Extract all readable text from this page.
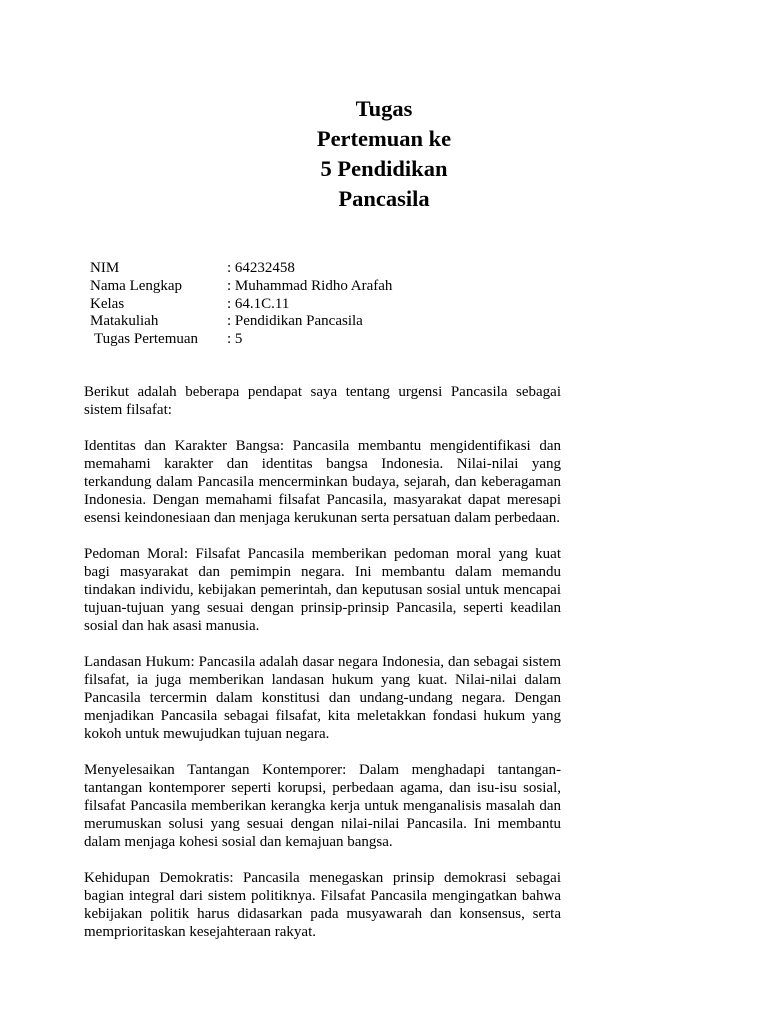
Tugas
Pertemuan ke
5 Pendidikan
Pancasila
NIM	: 64232458
Nama Lengkap	: Muhammad Ridho Arafah
Kelas	: 64.1C.11
Matakuliah	: Pendidikan Pancasila
Tugas Pertemuan	: 5

Berikut adalah beberapa pendapat saya tentang urgensi Pancasila sebagai sistem filsafat:

Identitas dan Karakter Bangsa: Pancasila membantu mengidentifikasi dan memahami karakter dan identitas bangsa Indonesia. Nilai-nilai yang terkandung dalam Pancasila mencerminkan budaya, sejarah, dan keberagaman Indonesia. Dengan memahami filsafat Pancasila, masyarakat dapat meresapi esensi keindonesiaan dan menjaga kerukunan serta persatuan dalam perbedaan.

Pedoman Moral: Filsafat Pancasila memberikan pedoman moral yang kuat bagi masyarakat dan pemimpin negara. Ini membantu dalam memandu tindakan individu, kebijakan pemerintah, dan keputusan sosial untuk mencapai tujuan-tujuan yang sesuai dengan prinsip-prinsip Pancasila, seperti keadilan sosial dan hak asasi manusia.

Landasan Hukum: Pancasila adalah dasar negara Indonesia, dan sebagai sistem filsafat, ia juga memberikan landasan hukum yang kuat. Nilai-nilai dalam Pancasila tercermin dalam konstitusi dan undang-undang negara. Dengan menjadikan Pancasila sebagai filsafat, kita meletakkan fondasi hukum yang kokoh untuk mewujudkan tujuan negara.

Menyelesaikan Tantangan Kontemporer: Dalam menghadapi tantangan-tantangan kontemporer seperti korupsi, perbedaan agama, dan isu-isu sosial, filsafat Pancasila memberikan kerangka kerja untuk menganalisis masalah dan merumuskan solusi yang sesuai dengan nilai-nilai Pancasila. Ini membantu dalam menjaga kohesi sosial dan kemajuan bangsa.

Kehidupan Demokratis: Pancasila menegaskan prinsip demokrasi sebagai bagian integral dari sistem politiknya. Filsafat Pancasila mengingatkan bahwa kebijakan politik harus didasarkan pada musyawarah dan konsensus, serta memprioritaskan kesejahteraan rakyat.
